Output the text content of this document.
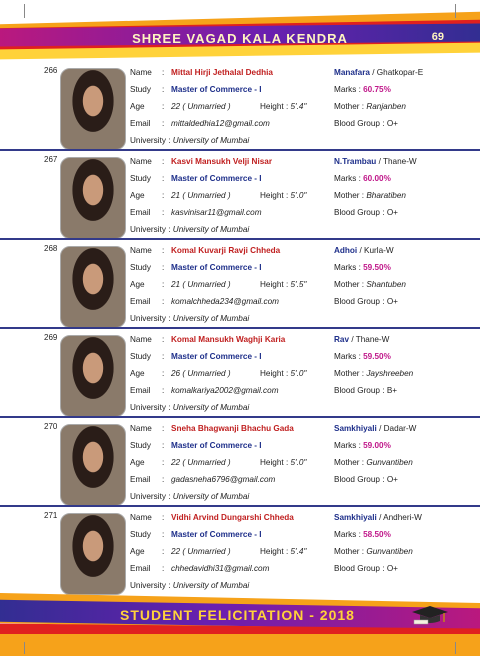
SHREE VAGAD KALA KENDRA	69
266	Name : Mittal Hirji Jethalal Dedhia	Manafara / Ghatkopar-E
Study : Master of Commerce - I	Marks : 60.75%
Age : 22 ( Unmarried )	Height : 5'.4"	Mother : Ranjanben
Email : mittaldedhia12@gmail.com	Blood Group : O+
University : University of Mumbai
267	Name : Kasvi Mansukh Velji Nisar	N.Trambau / Thane-W
Study : Master of Commerce - I	Marks : 60.00%
Age : 21 ( Unmarried )	Height : 5'.0"	Mother : Bharatiben
Email : kasvinisar11@gmail.com	Blood Group : O+
University : University of Mumbai
268	Name : Komal Kuvarji Ravji Chheda	Adhoi / Kurla-W
Study : Master of Commerce - I	Marks : 59.50%
Age : 21 ( Unmarried )	Height : 5'.5"	Mother : Shantuben
Email : komalchheda234@gmail.com	Blood Group : O+
University : University of Mumbai
269	Name : Komal Mansukh Waghji Karia	Rav / Thane-W
Study : Master of Commerce - I	Marks : 59.50%
Age : 26 ( Unmarried )	Height : 5'.0"	Mother : Jayshreeben
Email : komalkariya2002@gmail.com	Blood Group : B+
University : University of Mumbai
270	Name : Sneha Bhagwanji Bhachu Gada	Samkhiyali / Dadar-W
Study : Master of Commerce - I	Marks : 59.00%
Age : 22 ( Unmarried )	Height : 5'.0"	Mother : Gunvantiben
Email : gadasneha6796@gmail.com	Blood Group : O+
University : University of Mumbai
271	Name : Vidhi Arvind Dungarshi Chheda	Samkhiyali / Andheri-W
Study : Master of Commerce - I	Marks : 58.50%
Age : 22 ( Unmarried )	Height : 5'.4"	Mother : Gunvantiben
Email : chhedavidhi31@gmail.com	Blood Group : O+
University : University of Mumbai
STUDENT FELICITATION - 2018
